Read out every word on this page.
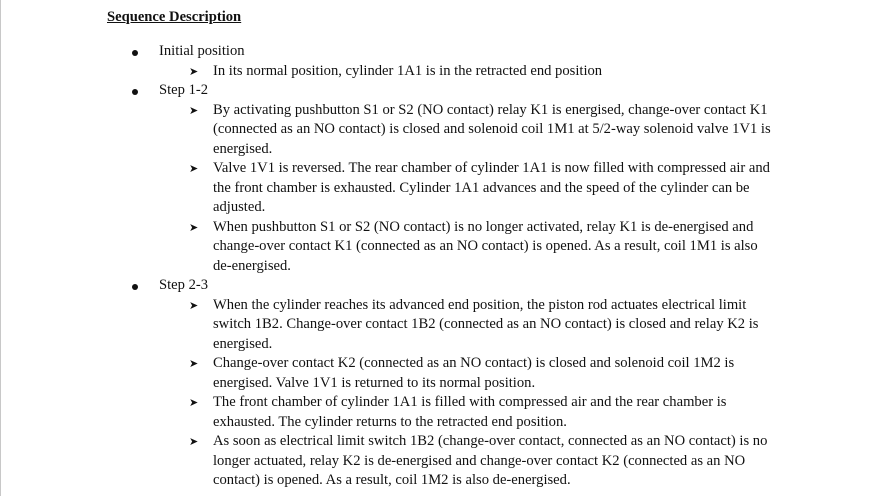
Sequence Description
Initial position
➤ In its normal position, cylinder 1A1 is in the retracted end position
Step 1-2
➤ By activating pushbutton S1 or S2 (NO contact) relay K1 is energised, change-over contact K1 (connected as an NO contact) is closed and solenoid coil 1M1 at 5/2-way solenoid valve 1V1 is energised.
➤ Valve 1V1 is reversed. The rear chamber of cylinder 1A1 is now filled with compressed air and the front chamber is exhausted. Cylinder 1A1 advances and the speed of the cylinder can be adjusted.
➤ When pushbutton S1 or S2 (NO contact) is no longer activated, relay K1 is de-energised and change-over contact K1 (connected as an NO contact) is opened. As a result, coil 1M1 is also de-energised.
Step 2-3
➤ When the cylinder reaches its advanced end position, the piston rod actuates electrical limit switch 1B2. Change-over contact 1B2 (connected as an NO contact) is closed and relay K2 is energised.
➤ Change-over contact K2 (connected as an NO contact) is closed and solenoid coil 1M2 is energised. Valve 1V1 is returned to its normal position.
➤ The front chamber of cylinder 1A1 is filled with compressed air and the rear chamber is exhausted. The cylinder returns to the retracted end position.
➤ As soon as electrical limit switch 1B2 (change-over contact, connected as an NO contact) is no longer actuated, relay K2 is de-energised and change-over contact K2 (connected as an NO contact) is opened. As a result, coil 1M2 is also de-energised.
